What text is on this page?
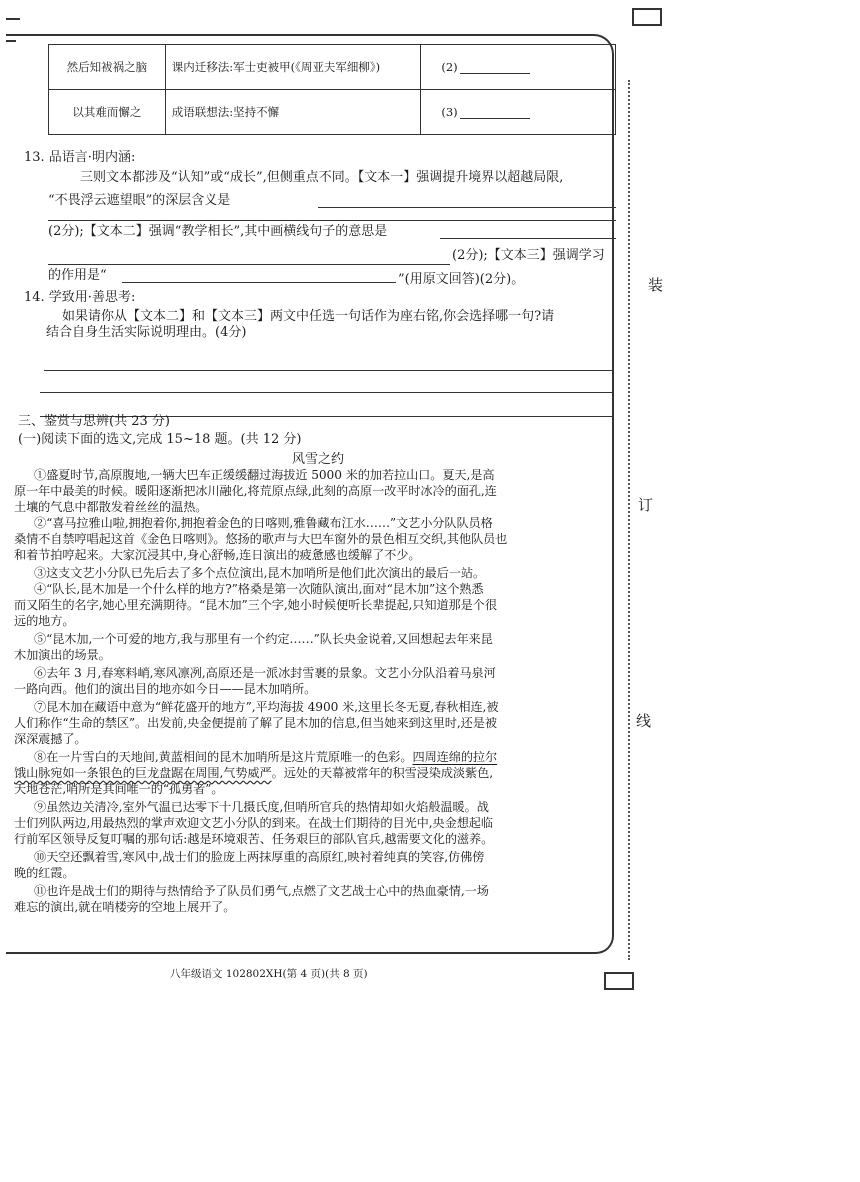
然后知袚祸之脑	课内迁移法:军士吏被甲(《周亚夫军细柳》)	(2)
以其难而懈之	成语联想法:坚持不懈	(3)
13. 品语言·明内涵:
三则文本都涉及“认知”或“成长”,但侧重点不同。【文本一】强调提升境界以超越局限,
“不畏浮云遮望眼”的深层含义是
(2分);【文本二】强调“教学相长”,其中画横线句子的意思是
(2分);【文本三】强调学习
的作用是“	”(用原文回答)(2分)。
14. 学致用·善思考:
如果请你从【文本二】和【文本三】两文中任选一句话作为座右铭,你会选择哪一句?请
结合自身生活实际说明理由。(4分)
三、鉴赏与思辨(共 23 分)
(一)阅读下面的选文,完成 15~18 题。(共 12 分)
风雪之约
①盛夏时节,高原腹地,一辆大巴车正缓缓翻过海拔近 5000 米的加若拉山口。夏天,是高
原一年中最美的时候。暖阳逐渐把冰川融化,将荒原点绿,此刻的高原一改平时冰冷的面孔,连
土壤的气息中都散发着丝丝的温热。
②“喜马拉雅山啦,拥抱着你,拥抱着金色的日喀则,雅鲁藏布江水……”文艺小分队队员格
桑情不自禁哼唱起这首《金色日喀则》。悠扬的歌声与大巴车窗外的景色相互交织,其他队员也
和着节拍哼起来。大家沉浸其中,身心舒畅,连日演出的疲惫感也缓解了不少。
③这支文艺小分队已先后去了多个点位演出,昆木加哨所是他们此次演出的最后一站。
④“队长,昆木加是一个什么样的地方?”格桑是第一次随队演出,面对“昆木加”这个熟悉
而又陌生的名字,她心里充满期待。“昆木加”三个字,她小时候便听长辈提起,只知道那是个很
远的地方。
⑤“昆木加,一个可爱的地方,我与那里有一个约定……”队长央金说着,又回想起去年来昆
木加演出的场景。
⑥去年 3 月,春寒料峭,寒风凛冽,高原还是一派冰封雪裹的景象。文艺小分队沿着马泉河
一路向西。他们的演出目的地亦如今日——昆木加哨所。
⑦昆木加在藏语中意为“鲜花盛开的地方”,平均海拔 4900 米,这里长冬无夏,春秋相连,被
人们称作“生命的禁区”。出发前,央金便提前了解了昆木加的信息,但当她来到这里时,还是被
深深震撼了。
⑧在一片雪白的天地间,黄蓝相间的昆木加哨所是这片荒原唯一的色彩。四周连绵的拉尔
饿山脉宛如一条银色的巨龙盘踞在周围,气势威严。远处的天幕被常年的积雪浸染成淡紫色,
天地苍茫,哨所是其间唯一的“孤勇者”。
⑨虽然边关清冷,室外气温已达零下十几摄氏度,但哨所官兵的热情却如火焰般温暖。战
士们列队两边,用最热烈的掌声欢迎文艺小分队的到来。在战士们期待的目光中,央金想起临
行前军区领导反复叮嘱的那句话:越是环境艰苦、任务艰巨的部队官兵,越需要文化的滋养。
⑩天空还飘着雪,寒风中,战士们的脸庞上两抹厚重的高原红,映衬着纯真的笑容,仿佛傍
晚的红霞。
⑪也许是战士们的期待与热情给予了队员们勇气,点燃了文艺战士心中的热血豪情,一场
难忘的演出,就在哨楼旁的空地上展开了。
装
订
线
八年级语文 102802XH(第 4 页)(共 8 页)
